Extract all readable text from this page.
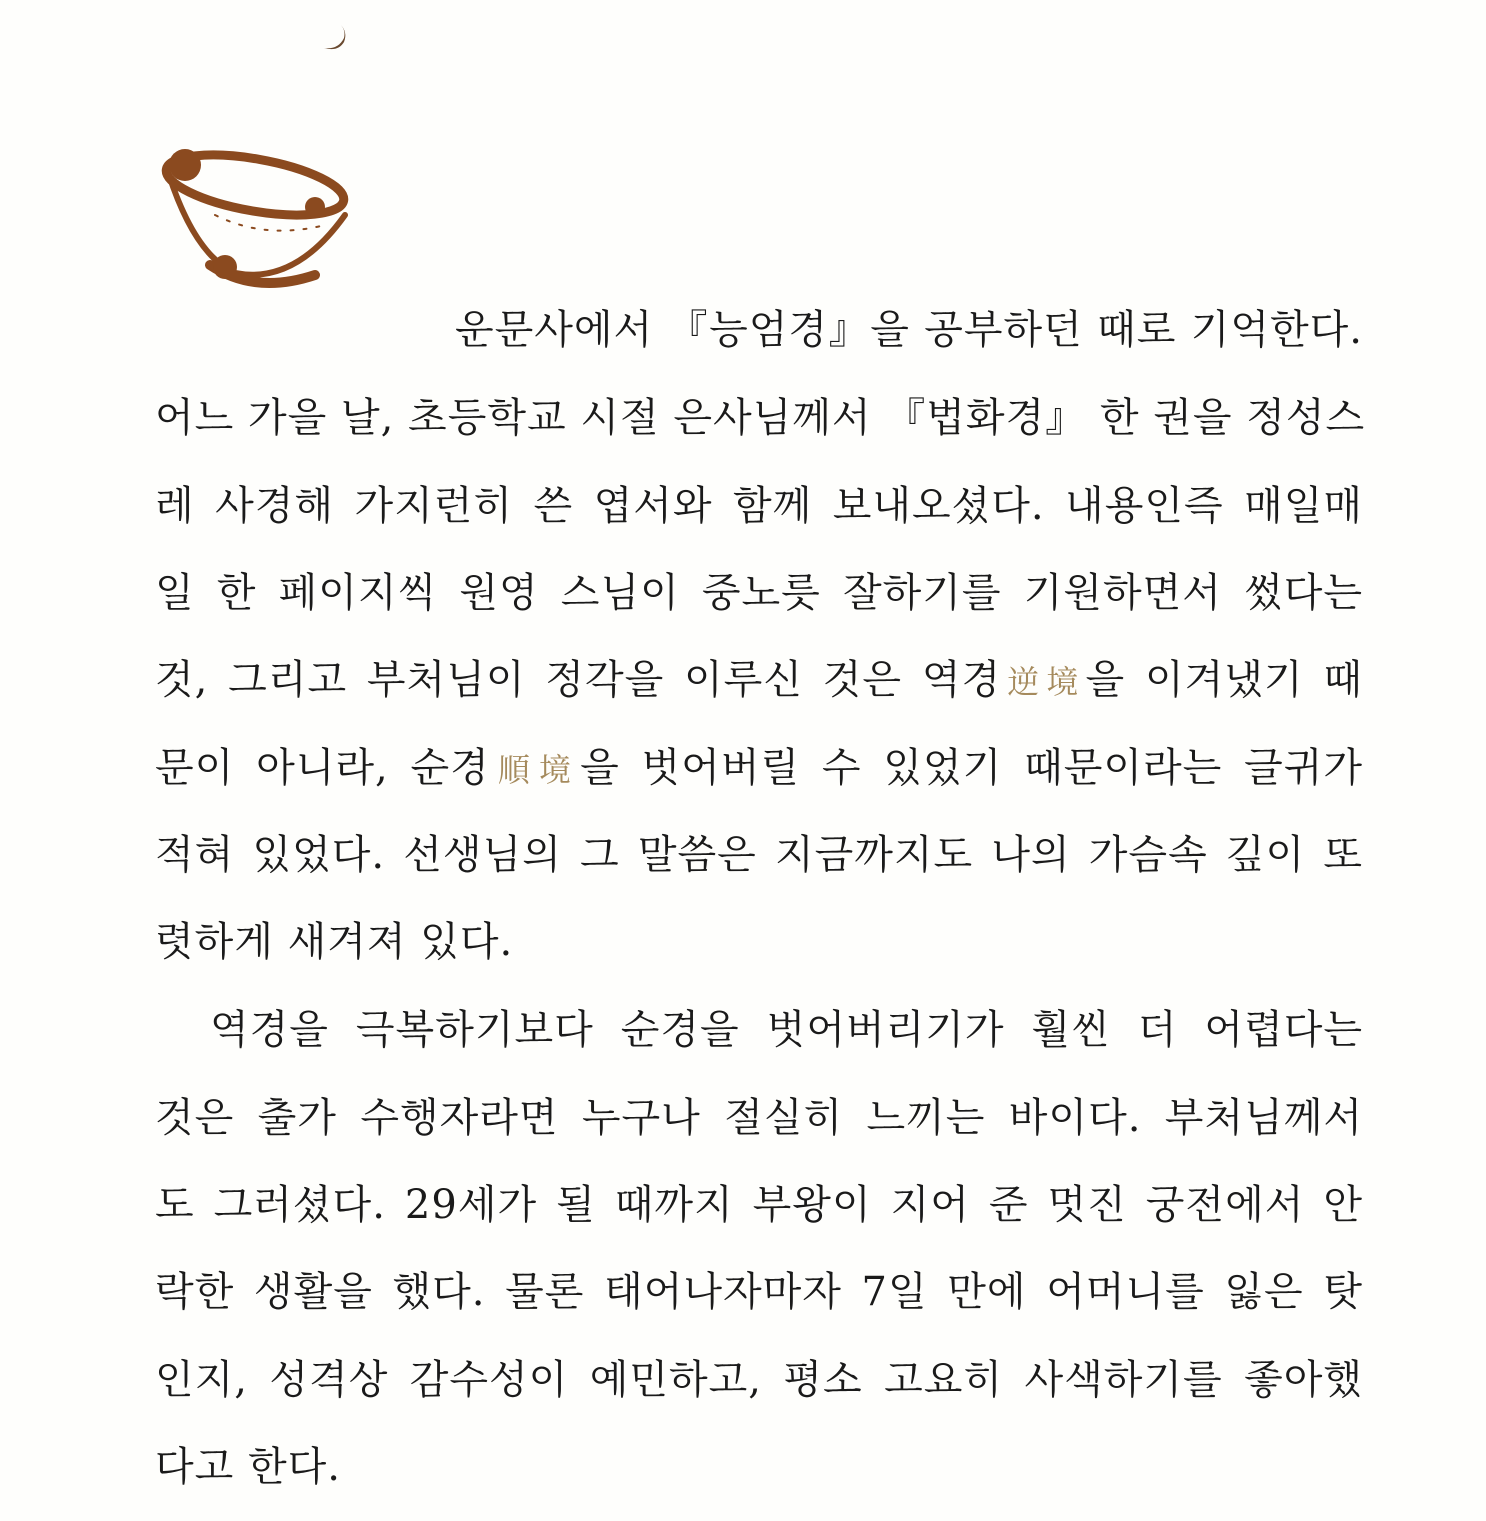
운문사에서 『능엄경』을 공부하던 때로 기억한다.
어느 가을 날, 초등학교 시절 은사님께서 『법화경』 한 권을 정성스
레 사경해 가지런히 쓴 엽서와 함께 보내오셨다. 내용인즉 매일매
일 한 페이지씩 원영 스님이 중노릇 잘하기를 기원하면서 썼다는
것, 그리고 부처님이 정각을 이루신 것은 역경逆境을 이겨냈기 때
문이 아니라, 순경順境을 벗어버릴 수 있었기 때문이라는 글귀가
적혀 있었다. 선생님의 그 말씀은 지금까지도 나의 가슴속 깊이 또
렷하게 새겨져 있다.
역경을 극복하기보다 순경을 벗어버리기가 훨씬 더 어렵다는
것은 출가 수행자라면 누구나 절실히 느끼는 바이다. 부처님께서
도 그러셨다. 29세가 될 때까지 부왕이 지어 준 멋진 궁전에서 안
락한 생활을 했다. 물론 태어나자마자 7일 만에 어머니를 잃은 탓
인지, 성격상 감수성이 예민하고, 평소 고요히 사색하기를 좋아했
다고 한다.
